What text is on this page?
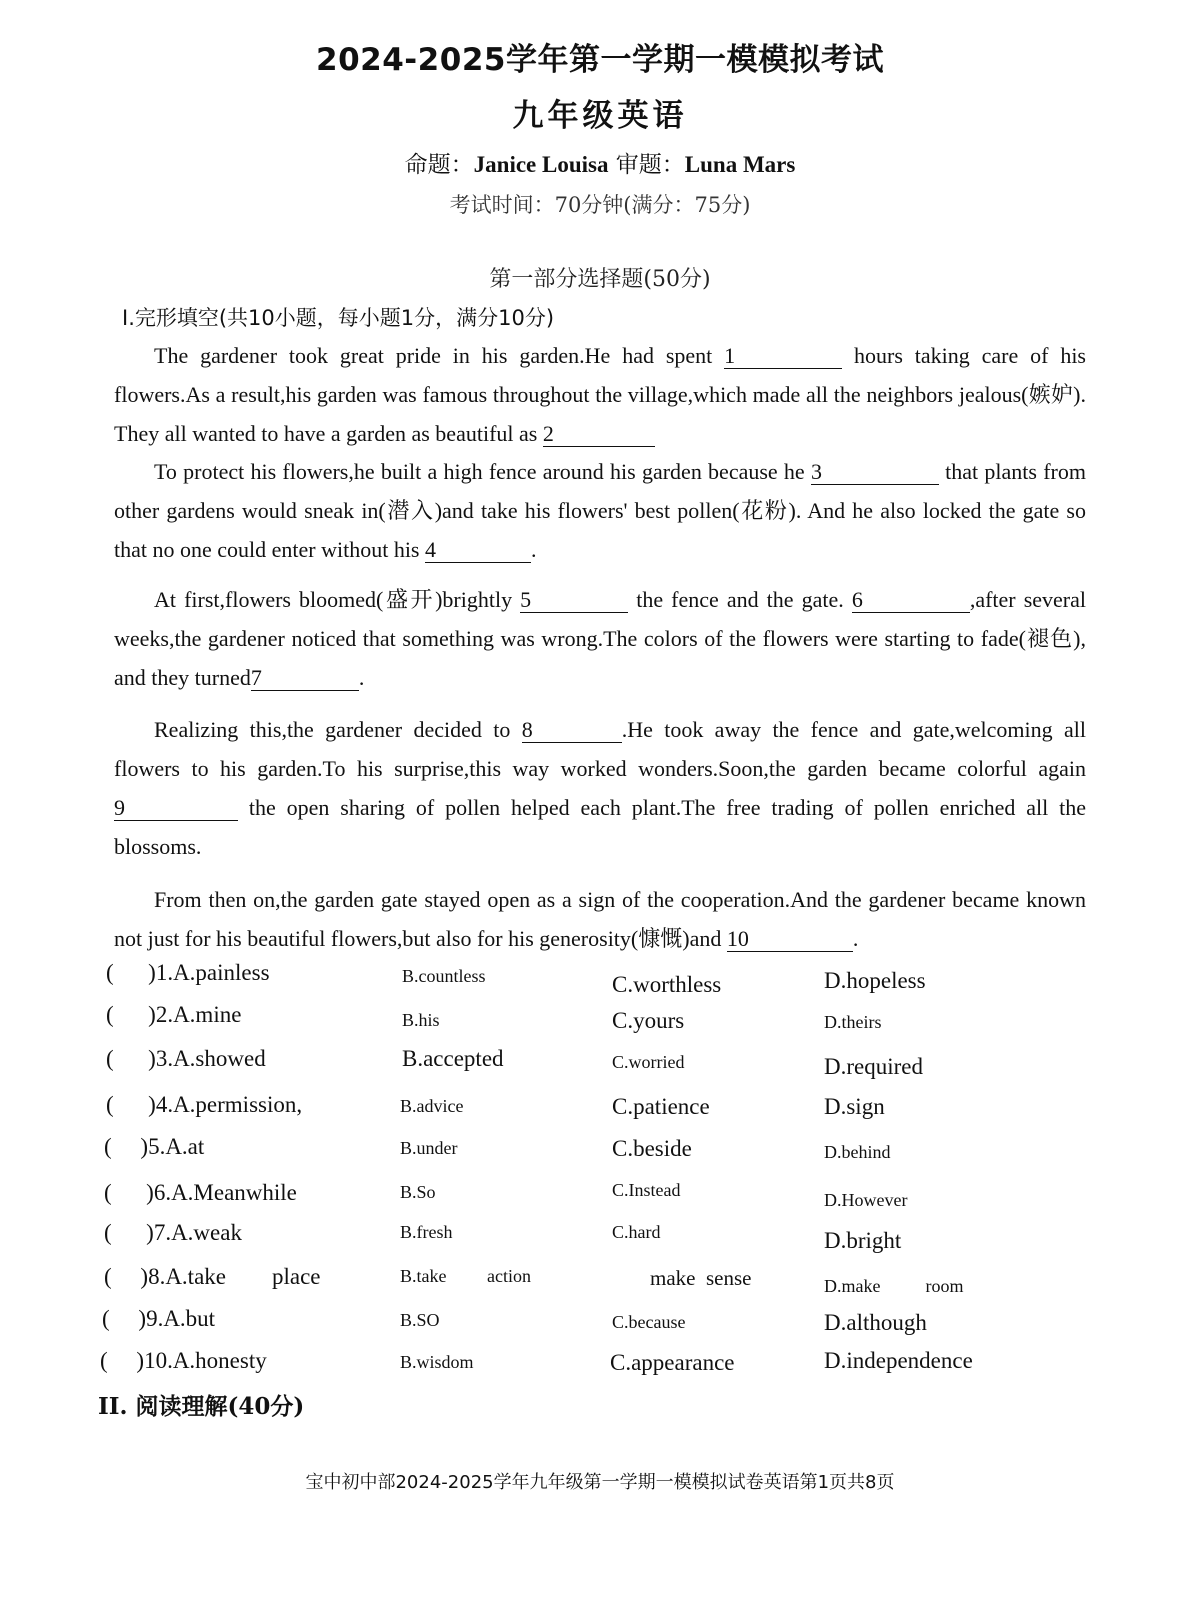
2024-2025学年第一学期一模模拟考试
九年级英语
命题：Janice Louisa 审题：Luna Mars
考试时间：70分钟(满分：75分)
第一部分选择题(50分)
I.完形填空(共10小题，每小题1分，满分10分)

The gardener took great pride in his garden.He had spent 1	hours taking care of his flowers.As a result,his garden was famous throughout the village,which made all the neighbors jealous(嫉妒). They all wanted to have a garden as beautiful as 2

To protect his flowers,he built a high fence around his garden because he 3	that plants from other gardens would sneak in(潜入)and take his flowers' best pollen(花粉). And he also locked the gate so that no one could enter without his 4	.

At first,flowers bloomed(盛开)brightly 5	the fence and the gate. 6	,after several weeks,the gardener noticed that something was wrong.The colors of the flowers were starting to fade(褪色), and they turned7	.

Realizing this,the gardener decided to 8	.He took away the fence and gate,welcoming all flowers to his garden.To his surprise,this way worked wonders.Soon,the garden became colorful again 9	the open sharing of pollen helped each plant.The free trading of pollen enriched all the blossoms.

From then on,the garden gate stayed open as a sign of the cooperation.And the gardener became known not just for his beautiful flowers,but also for his generosity(慷慨)and 10	.

(      )1.A.painless	B.countless	C.worthless	D.hopeless
(      )2.A.mine	B.his	C.yours	D.theirs
(      )3.A.showed	B.accepted	C.worried	D.required
(      )4.A.permission,	B.advice	C.patience	D.sign
(     )5.A.at	B.under	C.beside	D.behind
(      )6.A.Meanwhile	B.So	C.Instead	D.However
(      )7.A.weak	B.fresh	C.hard	D.bright
(     )8.A.take        place	B.take         action	make  sense	D.make          room
(     )9.A.but	B.SO	C.because	D.although
(     )10.A.honesty	B.wisdom	C.appearance	D.independence
II. 阅读理解(40分)
宝中初中部2024-2025学年九年级第一学期一模模拟试卷英语第1页共8页
